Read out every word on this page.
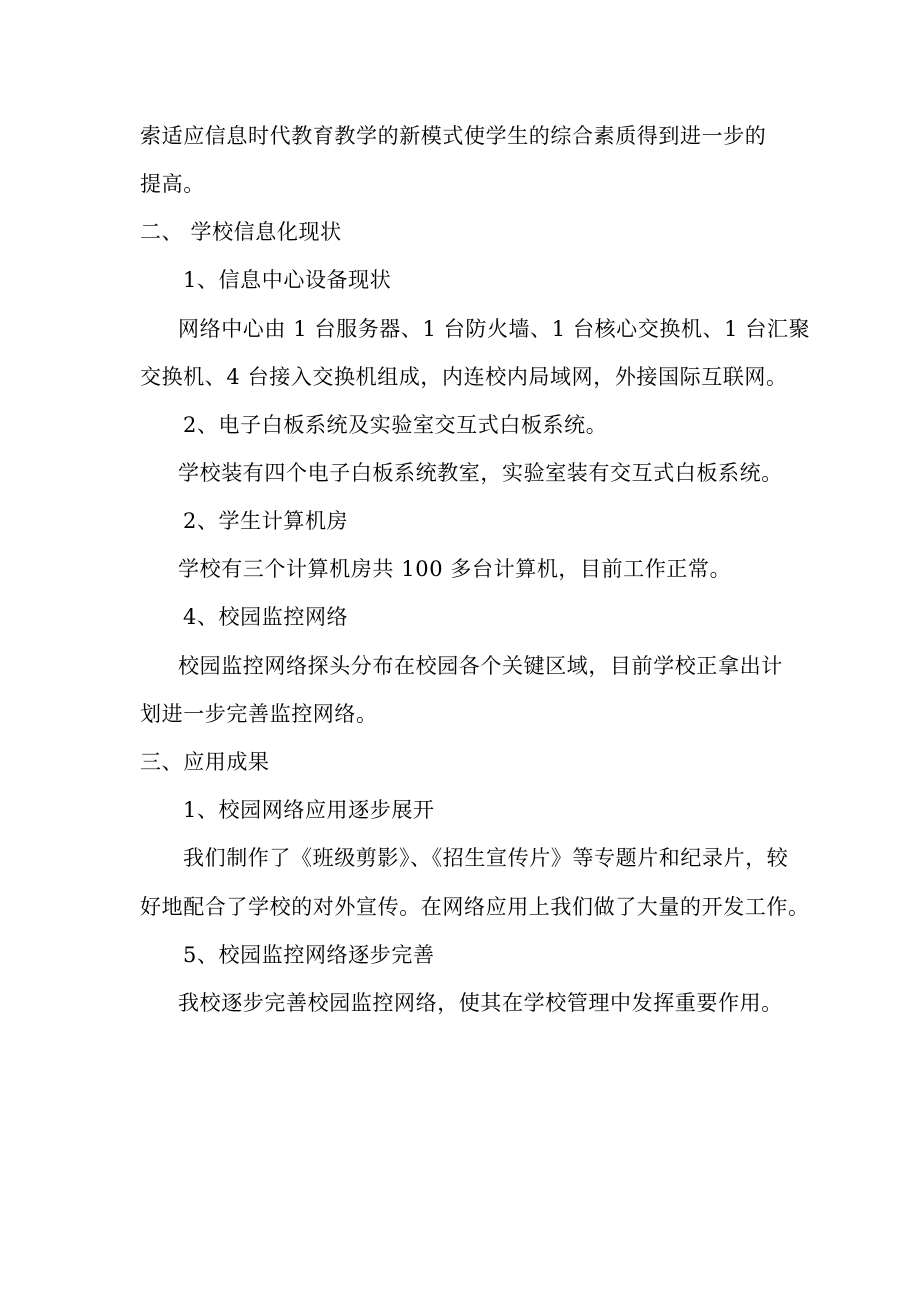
索适应信息时代教育教学的新模式使学生的综合素质得到进一步的
提高。
二、 学校信息化现状
1、信息中心设备现状
网络中心由 1 台服务器、1 台防火墙、1 台核心交换机、1 台汇聚
交换机、4 台接入交换机组成，内连校内局域网，外接国际互联网。
2、电子白板系统及实验室交互式白板系统。
学校装有四个电子白板系统教室，实验室装有交互式白板系统。
2、学生计算机房
学校有三个计算机房共 100 多台计算机，目前工作正常。
4、校园监控网络
校园监控网络探头分布在校园各个关键区域，目前学校正拿出计
划进一步完善监控网络。
三、应用成果
1、校园网络应用逐步展开
我们制作了《班级剪影》、《招生宣传片》等专题片和纪录片，较
好地配合了学校的对外宣传。在网络应用上我们做了大量的开发工作。
5、校园监控网络逐步完善
我校逐步完善校园监控网络，使其在学校管理中发挥重要作用。
